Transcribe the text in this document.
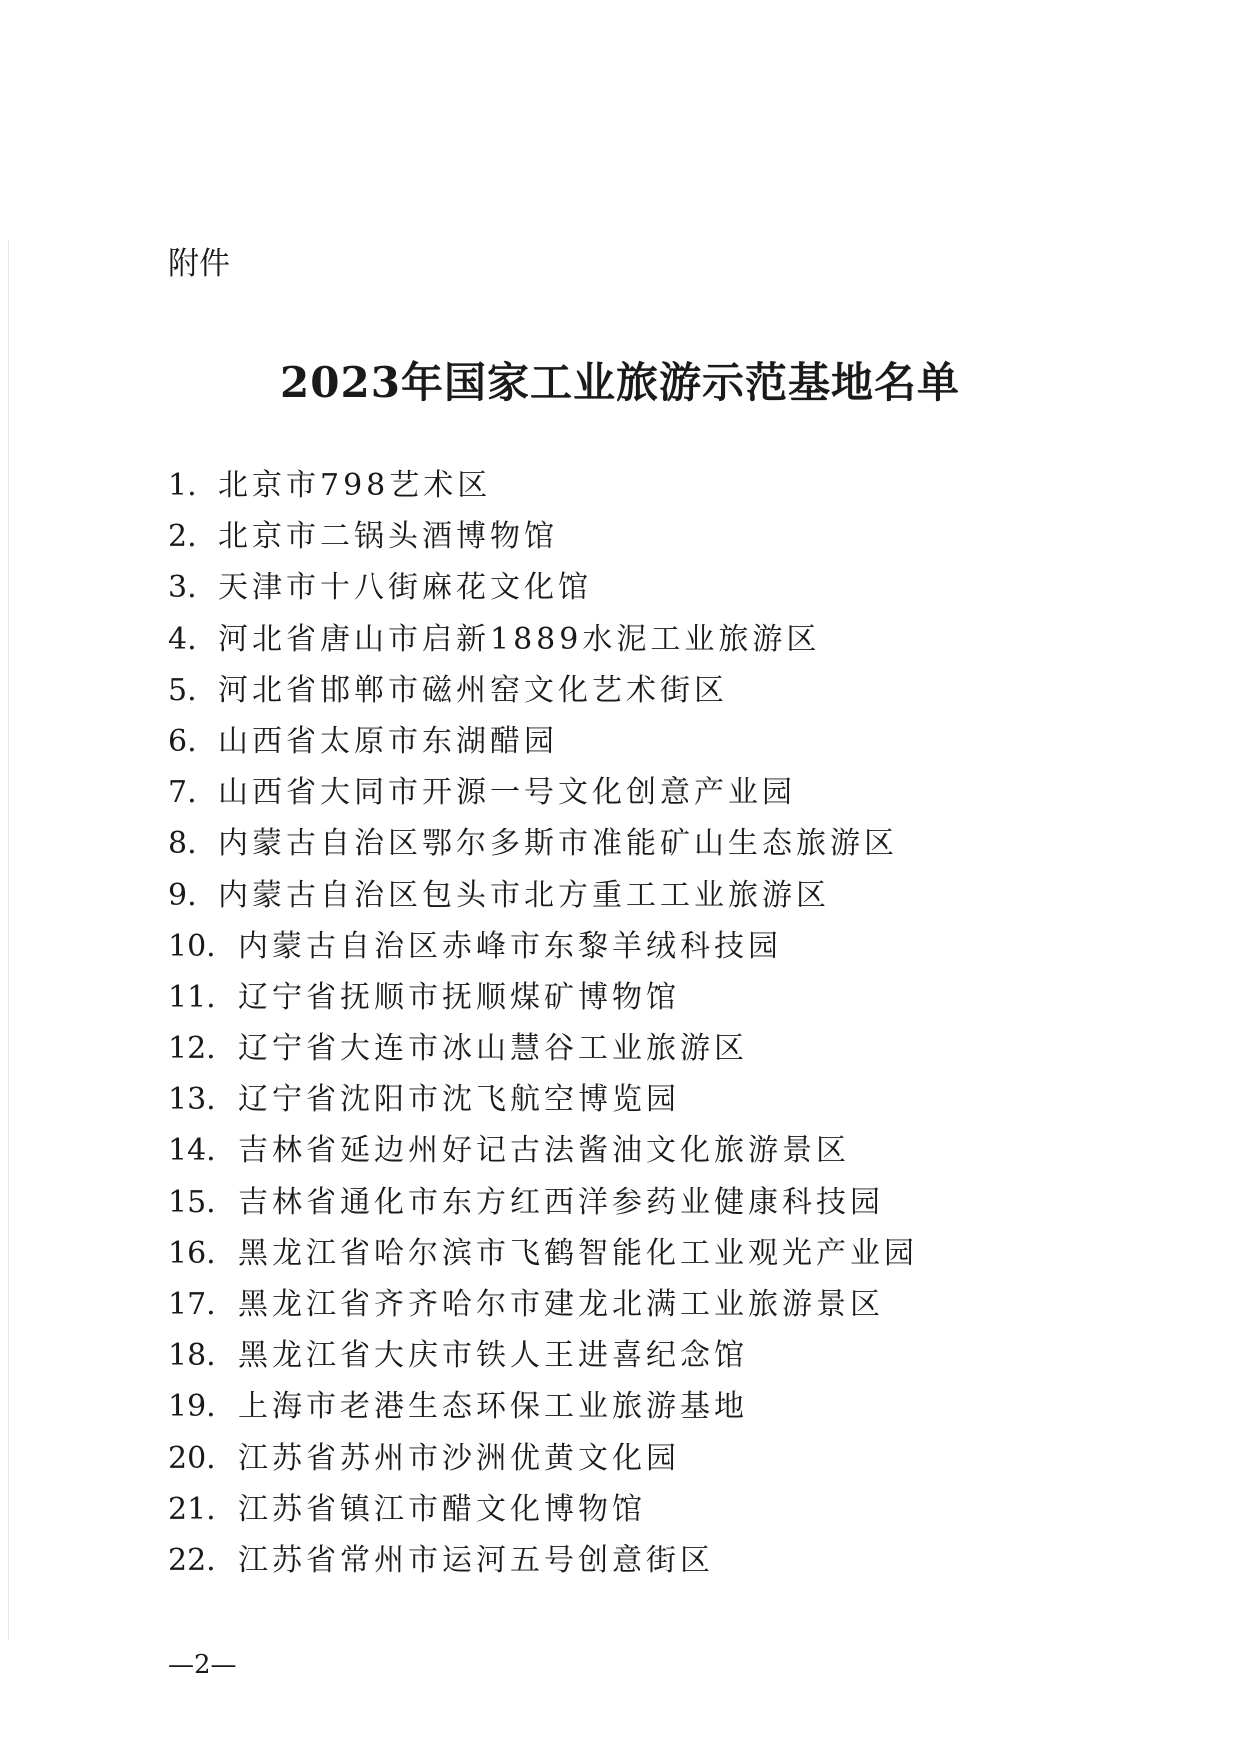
附件
2023年国家工业旅游示范基地名单
1. 北京市798艺术区
2. 北京市二锅头酒博物馆
3. 天津市十八街麻花文化馆
4. 河北省唐山市启新1889水泥工业旅游区
5. 河北省邯郸市磁州窑文化艺术街区
6. 山西省太原市东湖醋园
7. 山西省大同市开源一号文化创意产业园
8. 内蒙古自治区鄂尔多斯市准能矿山生态旅游区
9. 内蒙古自治区包头市北方重工工业旅游区
10. 内蒙古自治区赤峰市东黎羊绒科技园
11. 辽宁省抚顺市抚顺煤矿博物馆
12. 辽宁省大连市冰山慧谷工业旅游区
13. 辽宁省沈阳市沈飞航空博览园
14. 吉林省延边州好记古法酱油文化旅游景区
15. 吉林省通化市东方红西洋参药业健康科技园
16. 黑龙江省哈尔滨市飞鹤智能化工业观光产业园
17. 黑龙江省齐齐哈尔市建龙北满工业旅游景区
18. 黑龙江省大庆市铁人王进喜纪念馆
19. 上海市老港生态环保工业旅游基地
20. 江苏省苏州市沙洲优黄文化园
21. 江苏省镇江市醋文化博物馆
22. 江苏省常州市运河五号创意街区
—2—
